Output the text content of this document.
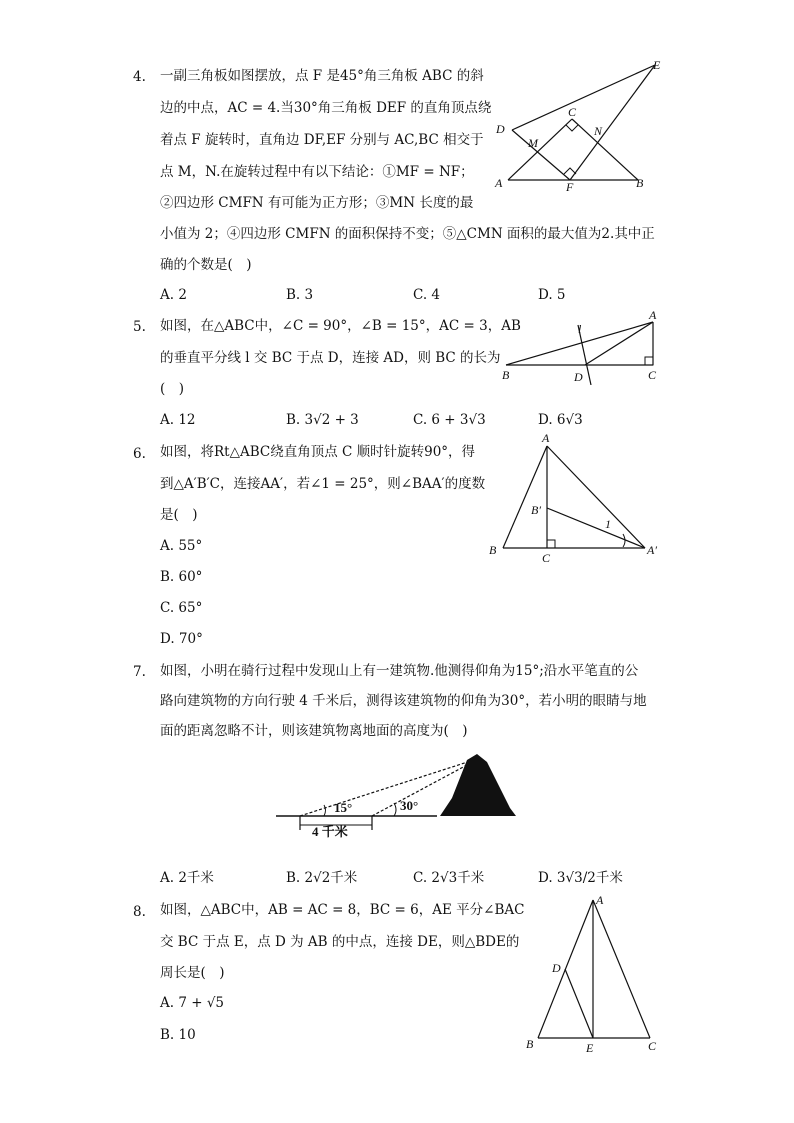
4. 一副三角板如图摆放，点 F 是45°角三角板 ABC 的斜
边的中点，AC = 4.当30°角三角板 DEF 的直角顶点绕
着点 F 旋转时，直角边 DF,EF 分别与 AC,BC 相交于
点 M，N.在旋转过程中有以下结论：①MF = NF；
②四边形 CMFN 有可能为正方形；③MN 长度的最
小值为 2；④四边形 CMFN 的面积保持不变；⑤△CMN 面积的最大值为2.其中正
确的个数是(　)
A. 2	B. 3	C. 4	D. 5
D
E
C
M
N
A	F	B
5. 如图，在△ABC中，∠C = 90°，∠B = 15°，AC = 3，AB
的垂直平分线 l 交 BC 于点 D，连接 AD，则 BC 的长为
(　)
A. 12	B. 3√2 + 3	C. 6 + 3√3	D. 6√3
A
B	C
D
l
6. 如图，将Rt△ABC绕直角顶点 C 顺时针旋转90°，得
到△A′B′C，连接AA′，若∠1 = 25°，则∠BAA′的度数
是(　)
A. 55°
B. 60°
C. 65°
D. 70°
A
B
C
B′
A′
1
7. 如图，小明在骑行过程中发现山上有一建筑物.他测得仰角为15°;沿水平笔直的公
路向建筑物的方向行驶 4 千米后，测得该建筑物的仰角为30°，若小明的眼睛与地
面的距离忽略不计，则该建筑物离地面的高度为(　)
15°	30°
4 千米
A. 2千米	B. 2√2千米	C. 2√3千米	D. 3√3/2千米
8. 如图，△ABC中，AB = AC = 8，BC = 6，AE 平分∠BAC
交 BC 于点 E，点 D 为 AB 的中点，连接 DE，则△BDE的
周长是(　)
A. 7 + √5
B. 10
A
B	C
D
E
